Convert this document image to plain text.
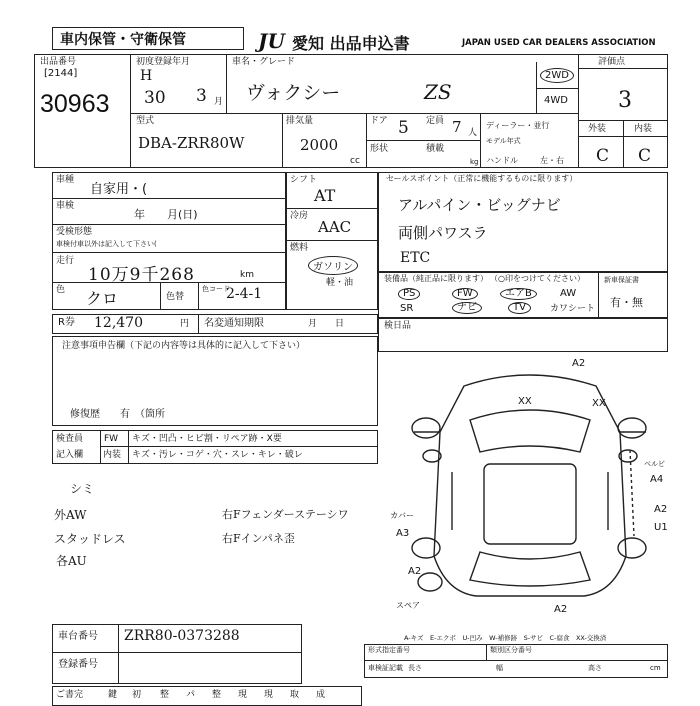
車内保管・守衛保管	JU 愛知 出品申込書	JAPAN USED CAR DEALERS ASSOCIATION
出品番号
[2144]
30963
初度登録年月
H
30 3 月
車名・グレード
ヴォクシー	ZS
2WD
4WD
評価点
3
外装	内装
C C
型式
DBA-ZRR80W
排気量
2000
cc
ドア 5 定員 7 人
形状	積載
kg
ディーラー・並行
モデル年式
ハンドル	左・右
車種
自家用・(
車検
年　　月(日)
受検形態
車検付車以外は記入して下さい(
走行
10万9千268	km
色 クロ	色替
色コード
2-4-1
シフト
AT
冷房
AAC
燃料
ガソリン
軽・油
セールスポイント（正常に機能するものに限ります）
アルパイン・ビッグナビ
両側パワスラ
ETC
装備品（純正品に限ります） （○印をつけてください）
PS	FW	エアB	AW
SR	ナビ	TV	カワシート
新車保証書
有・無
R券 12,470	円 名変通知期限	月　　日	検日品
注意事項申告欄（下記の内容等は具体的に記入して下さい）
修復歴　　有　（箇所
検査員
記入欄
FW キズ・凹凸・ヒビ割・リペア跡・X要
内装 キズ・汚レ・コゲ・穴・スレ・キレ・破レ
シミ
外AW
スタッドレス
各AU
右Fフェンダーステーシワ
右Fインパネ歪
A2
XX	XX
A4
A3
A2
A2
U1
A2
ベルビ
カバー
スペア
A-キズ　E-エクボ　U-凹み　W-補修跡　S-サビ　C-腐食　XX-交換済
車台番号 ZRR80-0373288
登録番号
形式指定番号	類別区分番号
車検証記載 長さ	幅	高さ	cm
ご書完	鍵 初 整 パ 整 現 現 取 成
